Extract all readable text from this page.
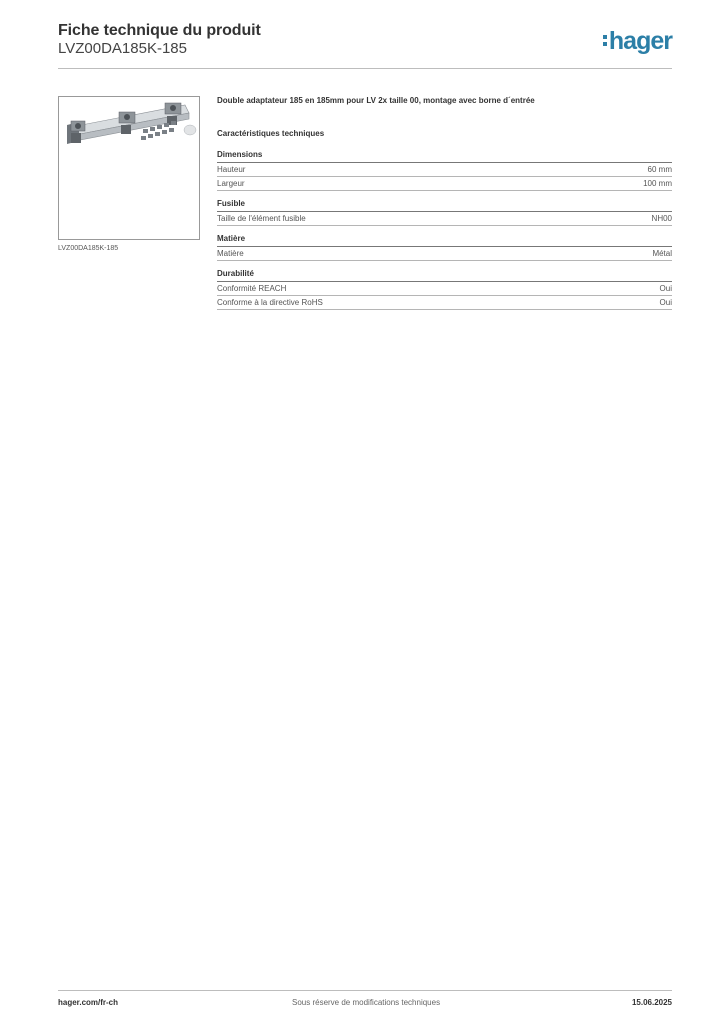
Fiche technique du produit
LVZ00DA185K-185	hager
LVZ00DA185K-185
Double adaptateur 185 en 185mm pour LV 2x taille 00, montage avec borne d´entrée
Caractéristiques techniques
Dimensions
Hauteur	60 mm
Largeur	100 mm
Fusible
Taille de l'élément fusible	NH00
Matière
Matière	Métal
Durabilité
Conformité REACH	Oui
Conforme à la directive RoHS	Oui
hager.com/fr-ch	Sous réserve de modifications techniques	15.06.2025
